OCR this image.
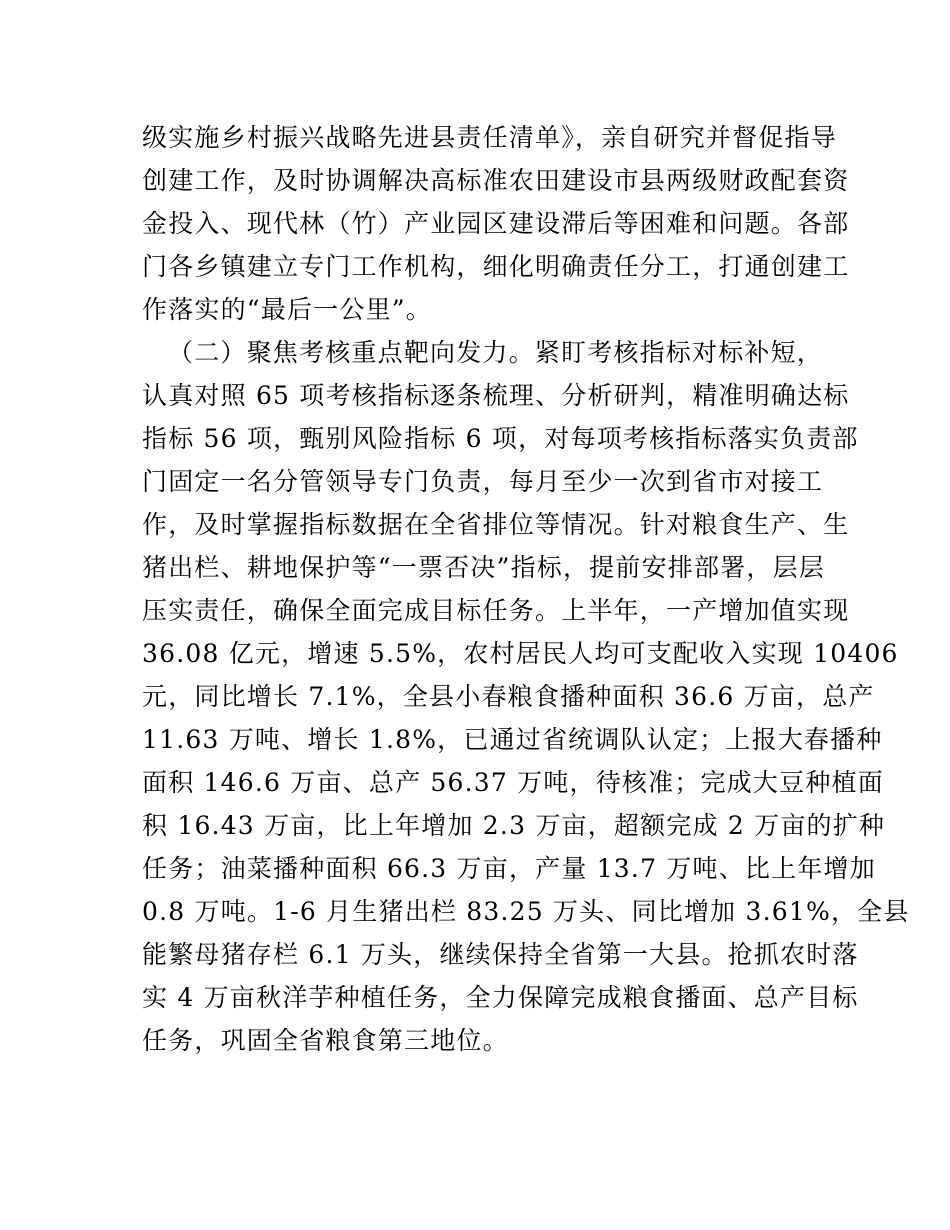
级实施乡村振兴战略先进县责任清单》，亲自研究并督促指导
创建工作，及时协调解决高标准农田建设市县两级财政配套资
金投入、现代林（竹）产业园区建设滞后等困难和问题。各部
门各乡镇建立专门工作机构，细化明确责任分工，打通创建工
作落实的“最后一公里”。
（二）聚焦考核重点靶向发力。紧盯考核指标对标补短，
认真对照 65 项考核指标逐条梳理、分析研判，精准明确达标
指标 56 项，甄别风险指标 6 项，对每项考核指标落实负责部
门固定一名分管领导专门负责，每月至少一次到省市对接工
作，及时掌握指标数据在全省排位等情况。针对粮食生产、生
猪出栏、耕地保护等“一票否决”指标，提前安排部署，层层
压实责任，确保全面完成目标任务。上半年，一产增加值实现
36.08 亿元，增速 5.5%，农村居民人均可支配收入实现 10406
元，同比增长 7.1%，全县小春粮食播种面积 36.6 万亩，总产
11.63 万吨、增长 1.8%，已通过省统调队认定；上报大春播种
面积 146.6 万亩、总产 56.37 万吨，待核准；完成大豆种植面
积 16.43 万亩，比上年增加 2.3 万亩，超额完成 2 万亩的扩种
任务；油菜播种面积 66.3 万亩，产量 13.7 万吨、比上年增加
0.8 万吨。1-6 月生猪出栏 83.25 万头、同比增加 3.61%，全县
能繁母猪存栏 6.1 万头，继续保持全省第一大县。抢抓农时落
实 4 万亩秋洋芋种植任务，全力保障完成粮食播面、总产目标
任务，巩固全省粮食第三地位。
